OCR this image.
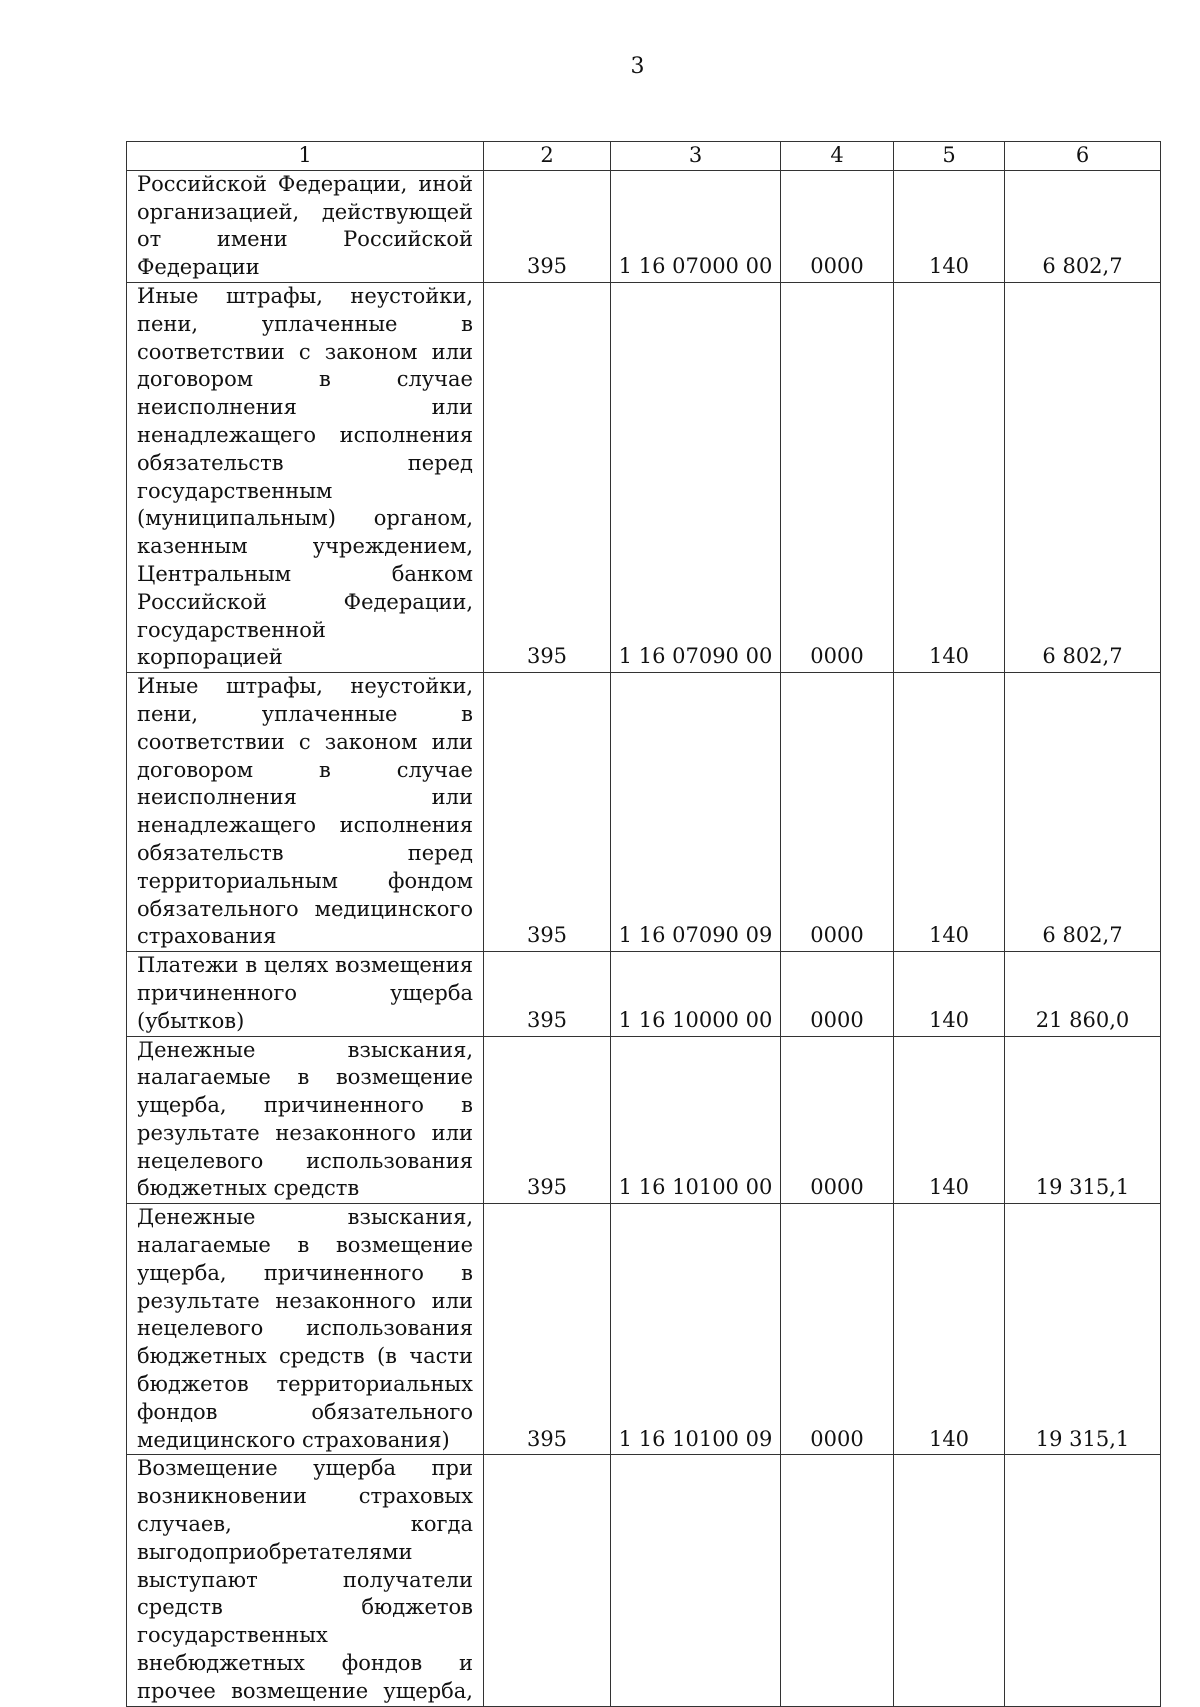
3
1	2	3	4	5	6
Российской Федерации, иной организацией, действующей от имени Российской Федерации	395	1 16 07000 00	0000	140	6 802,7
Иные штрафы, неустойки, пени, уплаченные в соответствии с законом или договором в случае неисполнения или ненадлежащего исполнения обязательств перед государственным (муниципальным) органом, казенным учреждением, Центральным банком Российской Федерации, государственной корпорацией	395	1 16 07090 00	0000	140	6 802,7
Иные штрафы, неустойки, пени, уплаченные в соответствии с законом или договором в случае неисполнения или ненадлежащего исполнения обязательств перед территориальным фондом обязательного медицинского страхования	395	1 16 07090 09	0000	140	6 802,7
Платежи в целях возмещения причиненного ущерба (убытков)	395	1 16 10000 00	0000	140	21 860,0
Денежные взыскания, налагаемые в возмещение ущерба, причиненного в результате незаконного или нецелевого использования бюджетных средств	395	1 16 10100 00	0000	140	19 315,1
Денежные взыскания, налагаемые в возмещение ущерба, причиненного в результате незаконного или нецелевого использования бюджетных средств (в части бюджетов территориальных фондов обязательного медицинского страхования)	395	1 16 10100 09	0000	140	19 315,1
Возмещение ущерба при возникновении страховых случаев, когда выгодоприобретателями выступают получатели средств бюджетов государственных внебюджетных фондов и прочее возмещение ущерба,					
